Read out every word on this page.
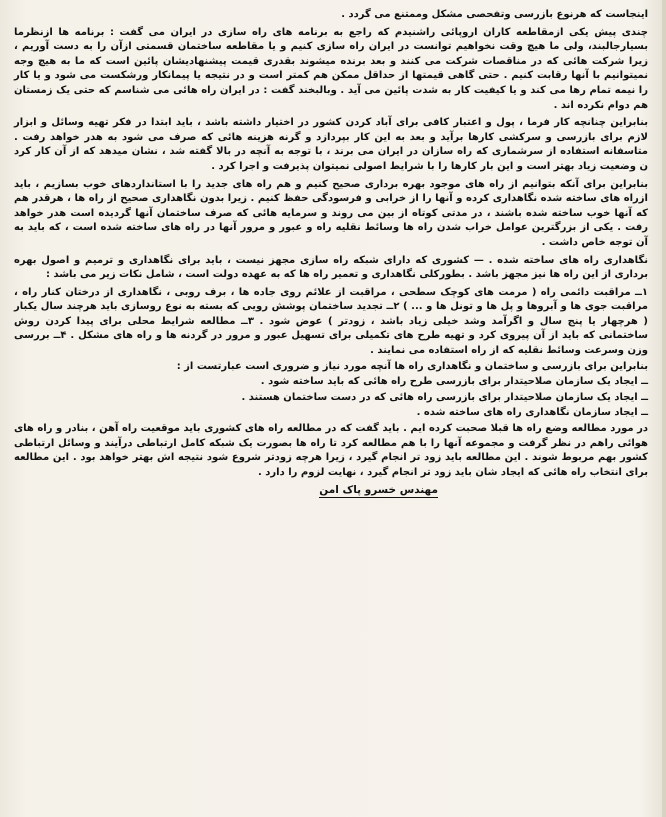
اینجاست که هرنوع بازرسی وتفحصی مشکل وممتنع می گردد .

چندی پیش یکی ازمقاطعه کاران اروپائی راشنیدم که راجع به برنامه های راه سازی در ایران می گفت : برنامه ها ازنظرما بسیارجالبند، ولی ما هیچ وقت نخواهیم توانست در ایران راه سازی کنیم و یا مقاطعه ساختمان قسمتی ازآن را به دست آوریم ، زیرا شرکت هائی که در مناقصات شرکت می کنند و بعد برنده میشوند بقدری قیمت پیشنهادیشان پائین است که ما به هیچ وجه نمیتوانیم با آنها رقابت کنیم . حتی گاهی قیمتها از حداقل ممکن هم کمتر است و در نتیجه یا پیمانکار ورشکست می شود و یا کار را نیمه تمام رها می کند و یا کیفیت کار به شدت پائین می آید . وبالبخند گفت : در ایران راه هائی می شناسم که حتی یک زمستان هم دوام نکرده اند .

بنابراین چنانچه کار فرما ، پول و اعتبار کافی برای آباد کردن کشور در اختیار داشته باشد ، باید ابتدا در فکر تهیه وسائل و ابزار لازم برای بازرسی و سرکشی کارها برآید و بعد به این کار بپردازد و گرنه هزینه هائی که صرف می شود به هدر خواهد رفت . متاسفانه استفاده از سرشماری که راه سازان در ایران می برند ، با توجه به آنچه در بالا گفته شد ، نشان میدهد که از آن کار کرد ن وضعیت زیاد بهتر است و این بار کارها را با شرایط اصولی نمیتوان پذیرفت و اجرا کرد .

بنابراین برای آنکه بتوانیم از راه های موجود بهره برداری صحیح کنیم و هم راه های جدید را با استانداردهای خوب بسازیم ، باید ازراه های ساخته شده نگاهداری کرده و آنها را از خرابی و فرسودگی حفظ کنیم . زیرا بدون نگاهداری صحیح از راه ها ، هرقدر هم که آنها خوب ساخته شده باشند ، در مدتی کوتاه از بین می روند و سرمایه هائی که صرف ساختمان آنها گردیده است هدر خواهد رفت . یکی از بزرگترین عوامل خراب شدن راه ها وسائط نقلیه راه و عبور و مرور آنها در راه های ساخته شده است ، که باید به آن توجه خاص داشت .

نگاهداری راه های ساخته شده . — کشوری که دارای شبکه راه سازی مجهز نیست ، باید برای نگاهداری و ترمیم و اصول بهره برداری از این راه ها نیز مجهز باشد . بطورکلی نگاهداری و تعمیر راه ها که به عهده دولت است ، شامل نکات زیر می باشد :

۱ــ مراقبت دائمی راه ( مرمت های کوچک سطحی ، مراقبت از علائم روی جاده ها ، برف روبی ، نگاهداری از درختان کنار راه ، مراقبت جوی ها و آبروها و پل ها و تونل ها و ... ) ۲ــ تجدید ساختمان پوشش رویی که بسته به نوع روسازی باید هرچند سال یکبار ( هرچهار یا پنج سال و اگرآمد وشد خیلی زیاد باشد ، زودتر ) عوض شود . ۳ــ مطالعه شرایط محلی برای پیدا کردن روش ساختمانی که باید از آن پیروی کرد و تهیه طرح های تکمیلی برای تسهیل عبور و مرور در گردنه ها و راه های مشکل . ۴ــ بررسی وزن وسرعت وسائط نقلیه که از راه استفاده می نمایند .
بنابراین برای بازرسی و ساختمان و نگاهداری راه ها آنچه مورد نیاز و ضروری است عبارتست از :
ــ ایجاد یک سازمان صلاحیتدار برای بازرسی طرح راه هائی که باید ساخته شود .
ــ ایجاد یک سازمان صلاحیتدار برای بازرسی راه هائی که در دست ساختمان هستند .
ــ ایجاد سازمان نگاهداری راه های ساخته شده .

در مورد مطالعه وضع راه ها قبلا صحبت کرده ایم . باید گفت که در مطالعه راه های کشوری باید موقعیت راه آهن ، بنادر و راه های هوائی راهم در نظر گرفت و مجموعه آنها را با هم مطالعه کرد تا راه ها بصورت یک شبکه کامل ارتباطی درآیند و وسائل ارتباطی کشور بهم مربوط شوند . این مطالعه باید زود تر انجام گیرد ، زیرا هرچه زودتر شروع شود نتیجه اش بهتر خواهد بود . این مطالعه برای انتخاب راه هائی که ایجاد شان باید زود تر انجام گیرد ، نهایت لزوم را دارد .

مهندس خسرو پاک امن
